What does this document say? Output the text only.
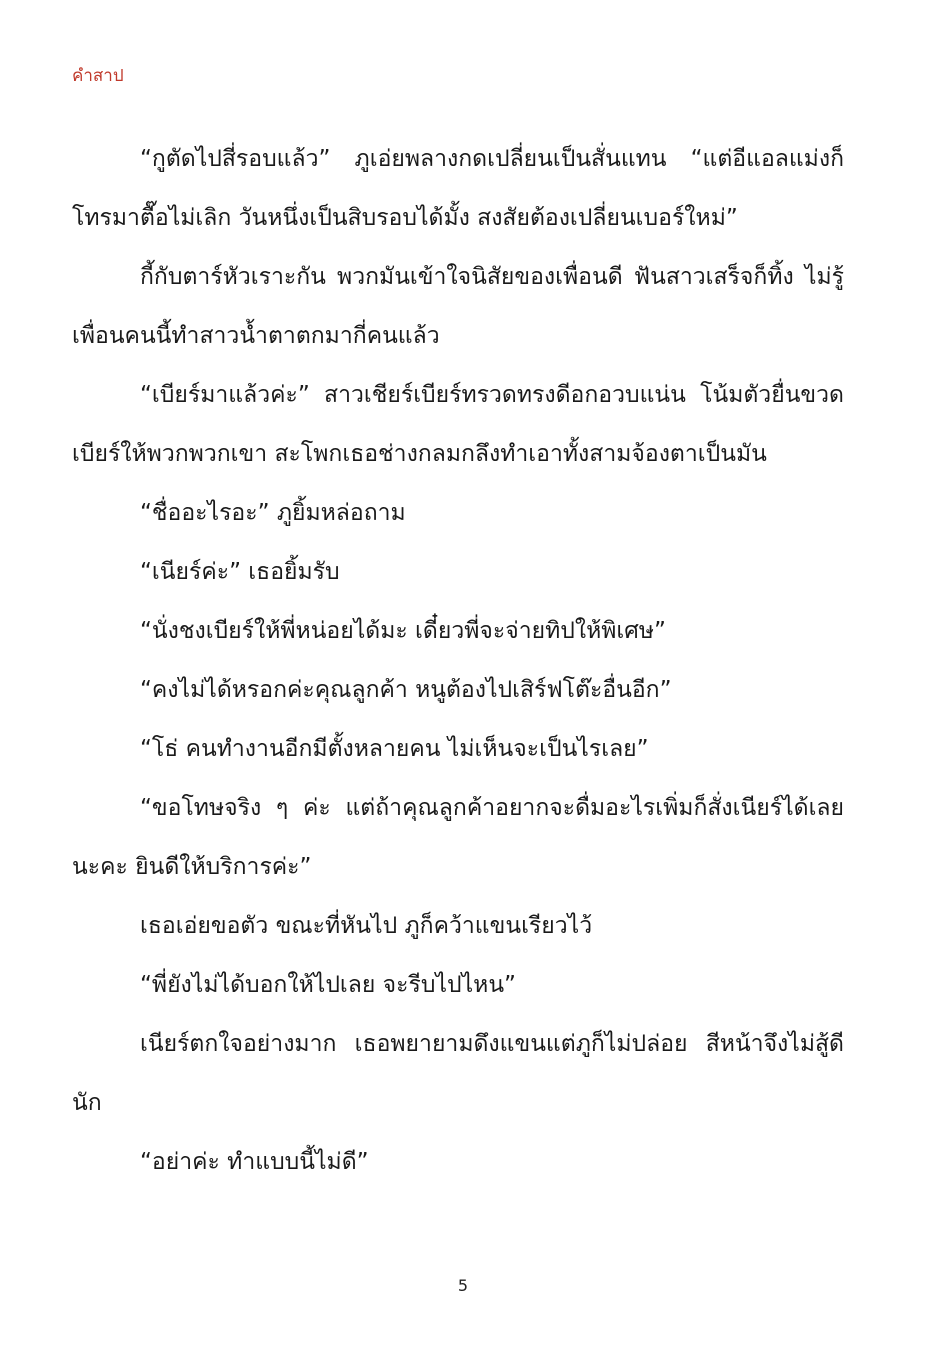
คำสาป

“กูตัดไปสี่รอบแล้ว” ภูเอ่ยพลางกดเปลี่ยนเป็นสั่นแทน “แต่อีแอลแม่งก็โทรมาตื๊อไม่เลิก วันหนึ่งเป็นสิบรอบได้มั้ง สงสัยต้องเปลี่ยนเบอร์ใหม่”

กี้กับตาร์หัวเราะกัน พวกมันเข้าใจนิสัยของเพื่อนดี ฟันสาวเสร็จก็ทิ้ง ไม่รู้เพื่อนคนนี้ทำสาวน้ำตาตกมากี่คนแล้ว

“เบียร์มาแล้วค่ะ” สาวเชียร์เบียร์ทรวดทรงดีอกอวบแน่น โน้มตัวยื่นขวดเบียร์ให้พวกพวกเขา สะโพกเธอช่างกลมกลึงทำเอาทั้งสามจ้องตาเป็นมัน

“ชื่ออะไรอะ” ภูยิ้มหล่อถาม

“เนียร์ค่ะ” เธอยิ้มรับ

“นั่งชงเบียร์ให้พี่หน่อยได้มะ เดี๋ยวพี่จะจ่ายทิปให้พิเศษ”

“คงไม่ได้หรอกค่ะคุณลูกค้า หนูต้องไปเสิร์ฟโต๊ะอื่นอีก”

“โธ่ คนทำงานอีกมีตั้งหลายคน ไม่เห็นจะเป็นไรเลย”

“ขอโทษจริง ๆ ค่ะ แต่ถ้าคุณลูกค้าอยากจะดื่มอะไรเพิ่มก็สั่งเนียร์ได้เลยนะคะ ยินดีให้บริการค่ะ”

เธอเอ่ยขอตัว ขณะที่หันไป ภูก็คว้าแขนเรียวไว้

“พี่ยังไม่ได้บอกให้ไปเลย จะรีบไปไหน”

เนียร์ตกใจอย่างมาก เธอพยายามดึงแขนแต่ภูก็ไม่ปล่อย สีหน้าจึงไม่สู้ดีนัก

“อย่าค่ะ ทำแบบนี้ไม่ดี”

5
